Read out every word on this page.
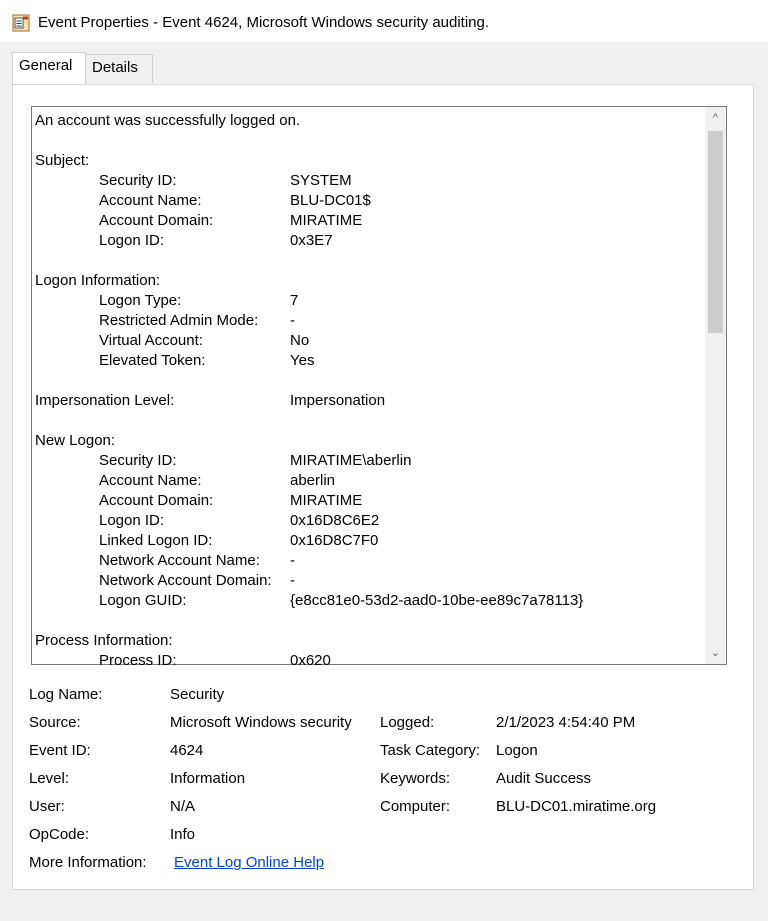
Event Properties - Event 4624, Microsoft Windows security auditing.
General	Details
An account was successfully logged on.
Subject:
Security ID:	SYSTEM
Account Name:	BLU-DC01$
Account Domain:	MIRATIME
Logon ID:	0x3E7
Logon Information:
Logon Type:	7
Restricted Admin Mode: -
Virtual Account:	No
Elevated Token:	Yes
Impersonation Level:	Impersonation
New Logon:
Security ID:	MIRATIME\aberlin
Account Name:	aberlin
Account Domain:	MIRATIME
Logon ID:	0x16D8C6E2
Linked Logon ID:	0x16D8C7F0
Network Account Name: -
Network Account Domain: -
Logon GUID:	{e8cc81e0-53d2-aad0-10be-ee89c7a78113}
Process Information:
Process ID:	0x620
^
⌄
Log Name:	Security
Source:	Microsoft Windows security Logged:	2/1/2023 4:54:40 PM
Event ID:	4624	Task Category: Logon
Level:	Information	Keywords:	Audit Success
User:	N/A	Computer:	BLU-DC01.miratime.org
OpCode:	Info
More Information: Event Log Online Help
